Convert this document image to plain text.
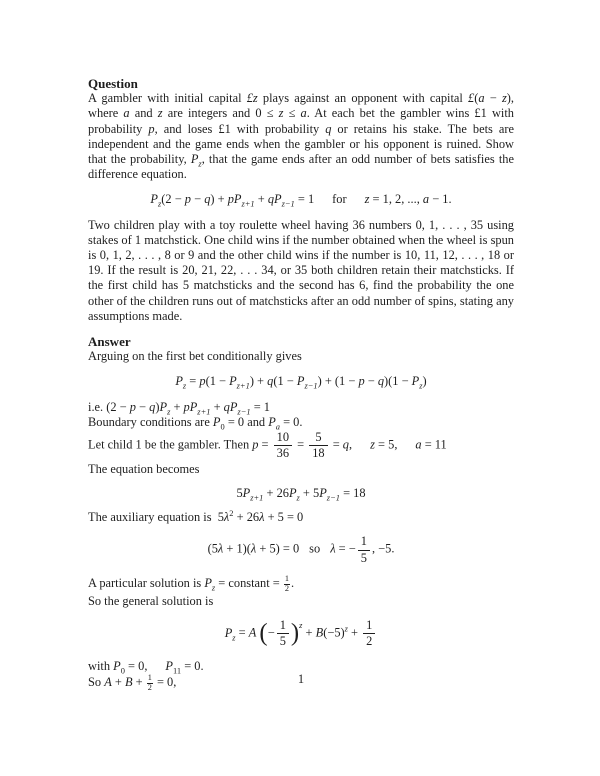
Question

A gambler with initial capital £z plays against an opponent with capital £(a − z), where a and z are integers and 0 ≤ z ≤ a. At each bet the gambler wins £1 with probability p, and loses £1 with probability q or retains his stake. The bets are independent and the game ends when the gambler or his opponent is ruined. Show that the probability, $P_z$, that the game ends after an odd number of bets satisfies the difference equation.

$P_z(2 - p - q) + pP_{z+1} + qP_{z-1} = 1$ for z = 1, 2, ..., a − 1.

Two children play with a toy roulette wheel having 36 numbers 0, 1, . . . , 35 using stakes of 1 matchstick. One child wins if the number obtained when the wheel is spun is 0, 1, 2, . . . , 8 or 9 and the other child wins if the number is 10, 11, 12, . . . , 18 or 19. If the result is 20, 21, 22, . . . 34, or 35 both children retain their matchsticks. If the first child has 5 matchsticks and the second has 6, find the probability the one other of the children runs out of matchsticks after an odd number of spins, stating any assumptions made.

Answer
Arguing on the first bet conditionally gives
$P_z = p(1 - P_{z+1}) + q(1 - P_{z-1}) + (1 - p - q)(1 - P_z)$
i.e. $(2 - p - q)P_z + pP_{z+1} + qP_{z-1} = 1$
Boundary conditions are $P_0 = 0$ and $P_a = 0$.
Let child 1 be the gambler. Then $p = \frac{10}{36} = \frac{5}{18} = q$, z = 5, a = 11
The equation becomes
$5P_{z+1} + 26P_z + 5P_{z-1} = 18$
The auxiliary equation is  $5\lambda^2 + 26\lambda + 5 = 0$
(5λ + 1)(λ + 5) = 0 so λ = − $\frac{1}{5}$ , −5.
A particular solution is $P_z$ = constant = $\frac{1}{2}$ .
So the general solution is
$P_z = A$ (− $\frac{1}{5} )^z + B(-5)^z + \frac{1}{2}$
with $P_0 = 0$, $P_{11} = 0$.
So $A + B + \frac{1}{2} = 0$,	1
